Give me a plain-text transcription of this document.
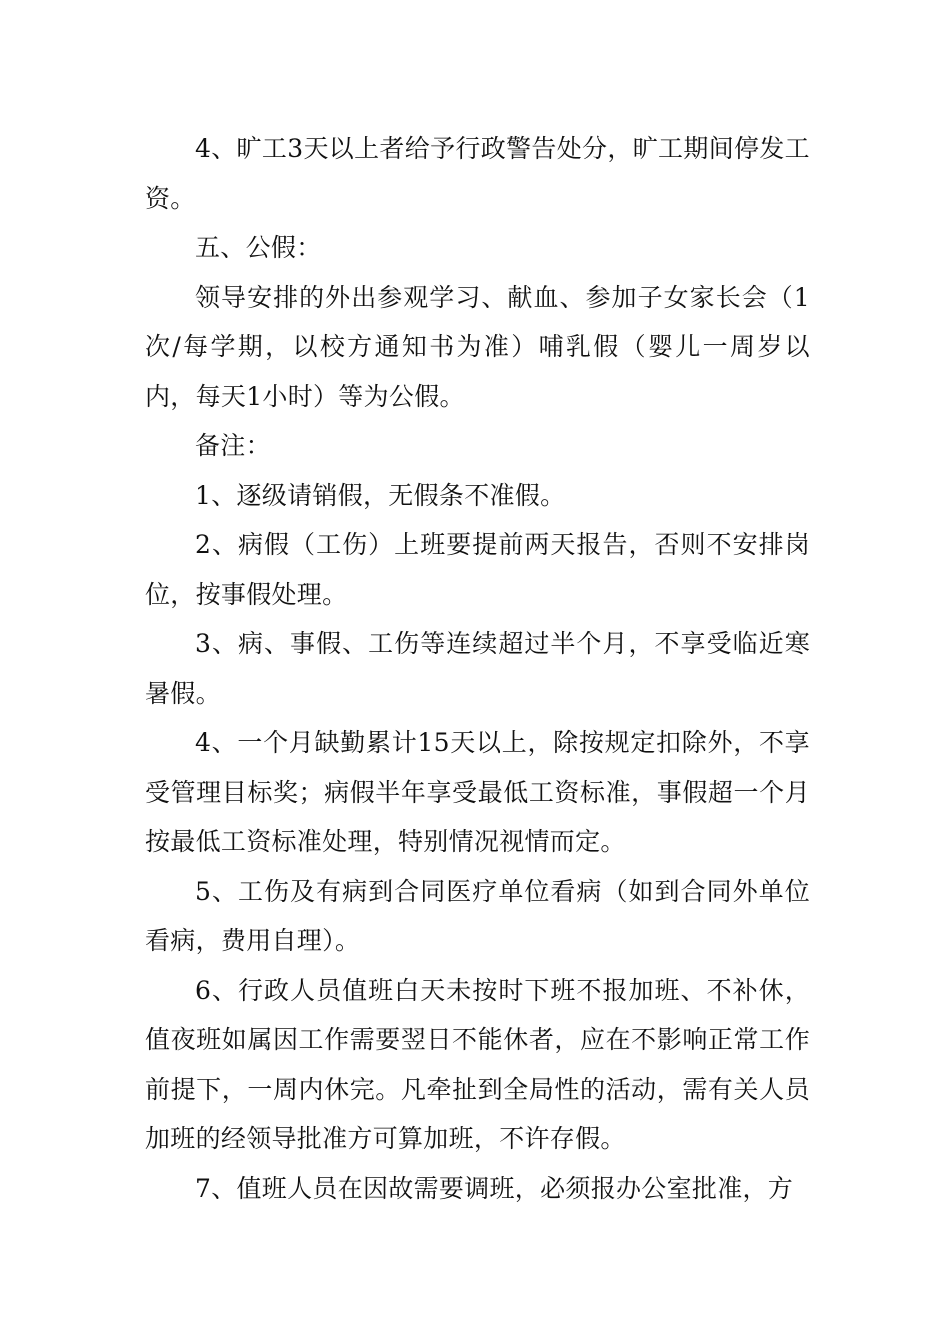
4、旷工3天以上者给予行政警告处分，旷工期间停发工资。

五、公假：

领导安排的外出参观学习、献血、参加子女家长会（1次/每学期，以校方通知书为准）哺乳假（婴儿一周岁以内，每天1小时）等为公假。

备注：

1、逐级请销假，无假条不准假。

2、病假（工伤）上班要提前两天报告，否则不安排岗位，按事假处理。

3、病、事假、工伤等连续超过半个月，不享受临近寒暑假。

4、一个月缺勤累计15天以上，除按规定扣除外，不享受管理目标奖；病假半年享受最低工资标准，事假超一个月按最低工资标准处理，特别情况视情而定。

5、工伤及有病到合同医疗单位看病（如到合同外单位看病，费用自理）。

6、行政人员值班白天未按时下班不报加班、不补休，值夜班如属因工作需要翌日不能休者，应在不影响正常工作前提下，一周内休完。凡牵扯到全局性的活动，需有关人员加班的经领导批准方可算加班，不许存假。

7、值班人员在因故需要调班，必须报办公室批准，方
